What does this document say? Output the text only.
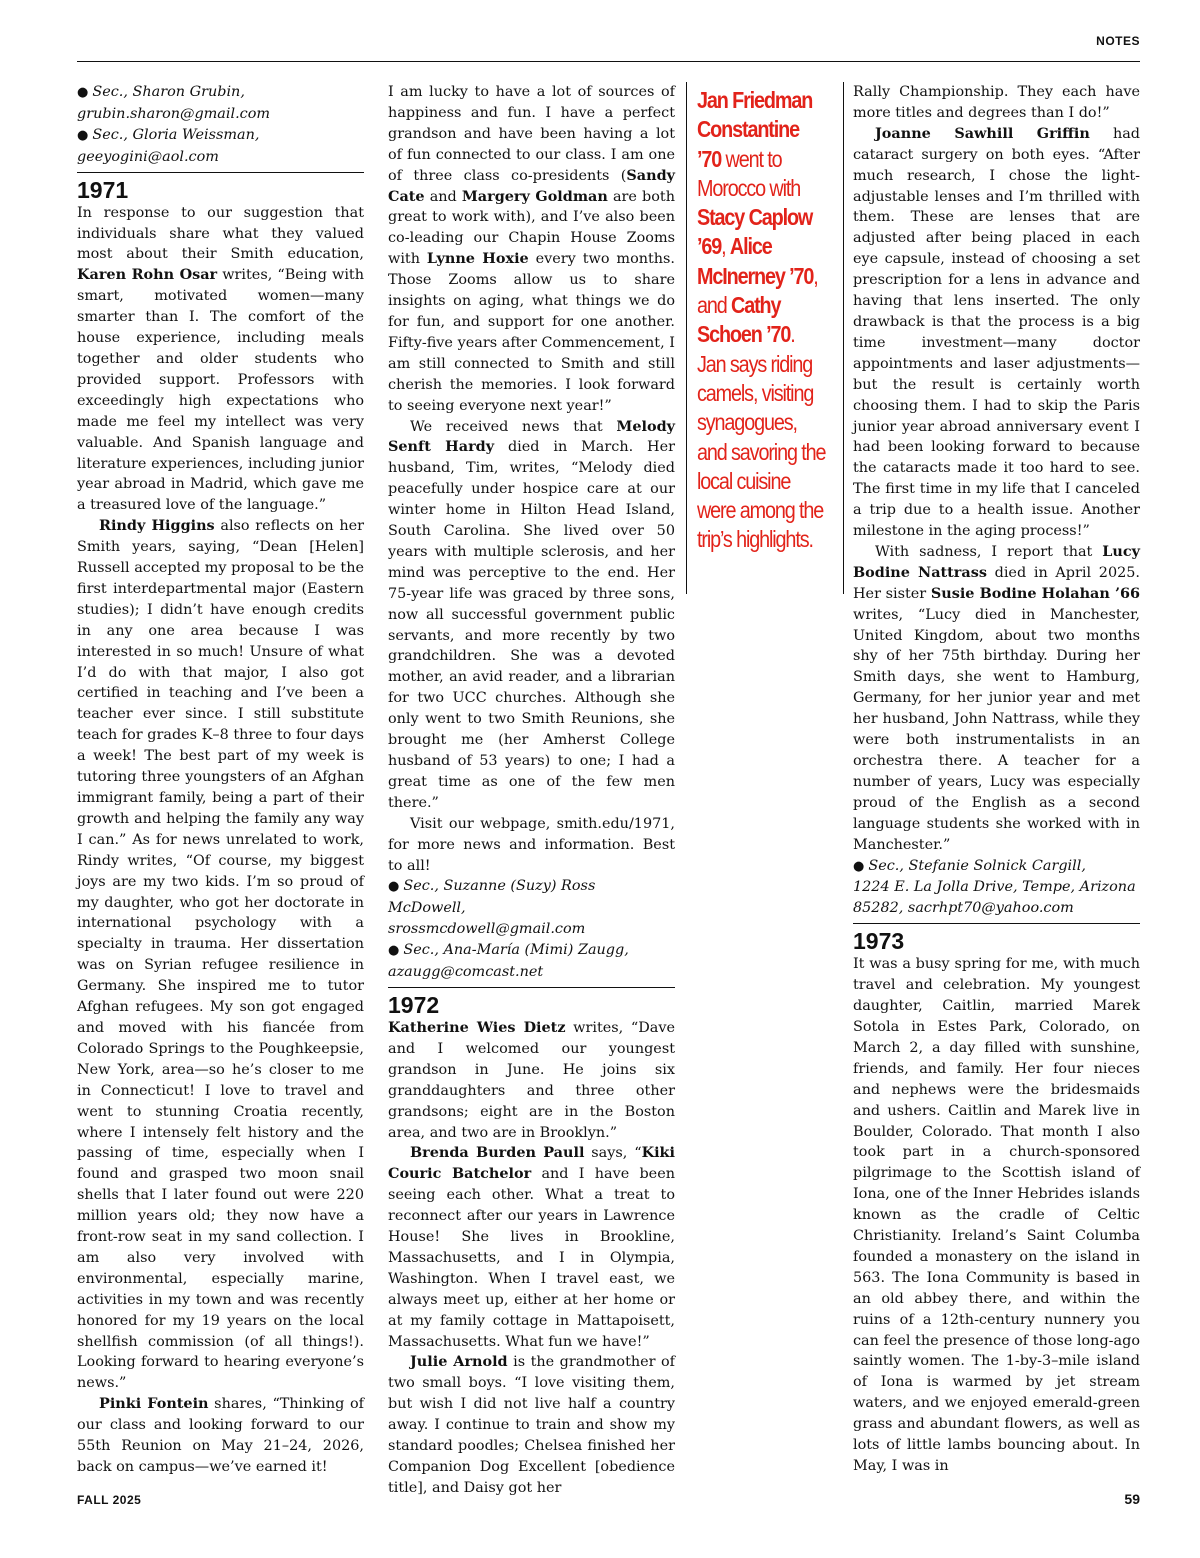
NOTES
● Sec., Sharon Grubin,
grubin.sharon@gmail.com
● Sec., Gloria Weissman,
geeyogini@aol.com
1971

In response to our suggestion that individuals share what they valued most about their Smith education, Karen Rohn Osar writes, “Being with smart, motivated women—many smarter than I. The comfort of the house experience, including meals together and older students who provided support. Professors with exceedingly high expectations who made me feel my intellect was very valuable. And Spanish language and literature experiences, including junior year abroad in Madrid, which gave me a treasured love of the language.”

Rindy Higgins also reflects on her Smith years, saying, “Dean [Helen] Russell accepted my proposal to be the first interdepartmental major (Eastern studies); I didn’t have enough credits in any one area because I was interested in so much! Unsure of what I’d do with that major, I also got certified in teaching and I’ve been a teacher ever since. I still substitute teach for grades K–8 three to four days a week! The best part of my week is tutoring three youngsters of an Afghan immigrant family, being a part of their growth and helping the family any way I can.” As for news unrelated to work, Rindy writes, “Of course, my biggest joys are my two kids. I’m so proud of my daughter, who got her doctorate in international psychology with a specialty in trauma. Her dissertation was on Syrian refugee resilience in Germany. She inspired me to tutor Afghan refugees. My son got engaged and moved with his fiancée from Colorado Springs to the Poughkeepsie, New York, area—so he’s closer to me in Connecticut! I love to travel and went to stunning Croatia recently, where I intensely felt history and the passing of time, especially when I found and grasped two moon snail shells that I later found out were 220 million years old; they now have a front-row seat in my sand collection. I am also very involved with environmental, especially marine, activities in my town and was recently honored for my 19 years on the local shellfish commission (of all things!). Looking forward to hearing everyone’s news.”

Pinki Fontein shares, “Thinking of our class and looking forward to our 55th Reunion on May 21–24, 2026, back on campus—we’ve earned it!

I am lucky to have a lot of sources of happiness and fun. I have a perfect grandson and have been having a lot of fun connected to our class. I am one of three class co-presidents (Sandy Cate and Margery Goldman are both great to work with), and I’ve also been co-leading our Chapin House Zooms with Lynne Hoxie every two months. Those Zooms allow us to share insights on aging, what things we do for fun, and support for one another. Fifty-five years after Commencement, I am still connected to Smith and still cherish the memories. I look forward to seeing everyone next year!”

We received news that Melody Senft Hardy died in March. Her husband, Tim, writes, “Melody died peacefully under hospice care at our winter home in Hilton Head Island, South Carolina. She lived over 50 years with multiple sclerosis, and her mind was perceptive to the end. Her 75-year life was graced by three sons, now all successful government public servants, and more recently by two grandchildren. She was a devoted mother, an avid reader, and a librarian for two UCC churches. Although she only went to two Smith Reunions, she brought me (her Amherst College husband of 53 years) to one; I had a great time as one of the few men there.”

Visit our webpage, smith.edu/1971, for more news and information. Best to all!

● Sec., Suzanne (Suzy) Ross McDowell,
srossmcdowell@gmail.com
● Sec., Ana-María (Mimi) Zaugg,
azaugg@comcast.net
1972

Katherine Wies Dietz writes, “Dave and I welcomed our youngest grandson in June. He joins six granddaughters and three other grandsons; eight are in the Boston area, and two are in Brooklyn.”

Brenda Burden Paull says, “Kiki Couric Batchelor and I have been seeing each other. What a treat to reconnect after our years in Lawrence House! She lives in Brookline, Massachusetts, and I in Olympia, Washington. When I travel east, we always meet up, either at her home or at my family cottage in Mattapoisett, Massachusetts. What fun we have!”

Julie Arnold is the grandmother of two small boys. “I love visiting them, but wish I did not live half a country away. I continue to train and show my standard poodles; Chelsea finished her Companion Dog Excellent [obedience title], and Daisy got her

Jan Friedman Constantine ’70 went to Morocco with Stacy Caplow ’69, Alice McInerney ’70, and Cathy Schoen ’70. Jan says riding camels, visiting synagogues, and savoring the local cuisine were among the trip’s highlights.

Rally Championship. They each have more titles and degrees than I do!”

Joanne Sawhill Griffin had cataract surgery on both eyes. “After much research, I chose the light-adjustable lenses and I’m thrilled with them. These are lenses that are adjusted after being placed in each eye capsule, instead of choosing a set prescription for a lens in advance and having that lens inserted. The only drawback is that the process is a big time investment—many doctor appointments and laser adjustments—but the result is certainly worth choosing them. I had to skip the Paris junior year abroad anniversary event I had been looking forward to because the cataracts made it too hard to see. The first time in my life that I canceled a trip due to a health issue. Another milestone in the aging process!”

With sadness, I report that Lucy Bodine Nattrass died in April 2025. Her sister Susie Bodine Holahan ’66 writes, “Lucy died in Manchester, United Kingdom, about two months shy of her 75th birthday. During her Smith days, she went to Hamburg, Germany, for her junior year and met her husband, John Nattrass, while they were both instrumentalists in an orchestra there. A teacher for a number of years, Lucy was especially proud of the English as a second language students she worked with in Manchester.”

● Sec., Stefanie Solnick Cargill,
1224 E. La Jolla Drive, Tempe, Arizona 85282, sacrhpt70@yahoo.com
1973

It was a busy spring for me, with much travel and celebration. My youngest daughter, Caitlin, married Marek Sotola in Estes Park, Colorado, on March 2, a day filled with sunshine, friends, and family. Her four nieces and nephews were the bridesmaids and ushers. Caitlin and Marek live in Boulder, Colorado. That month I also took part in a church-sponsored pilgrimage to the Scottish island of Iona, one of the Inner Hebrides islands known as the cradle of Celtic Christianity. Ireland’s Saint Columba founded a monastery on the island in 563. The Iona Community is based in an old abbey there, and within the ruins of a 12th-century nunnery you can feel the presence of those long-ago saintly women. The 1-by-3–mile island of Iona is warmed by jet stream waters, and we enjoyed emerald-green grass and abundant flowers, as well as lots of little lambs bouncing about. In May, I was in

FALL 2025	59
